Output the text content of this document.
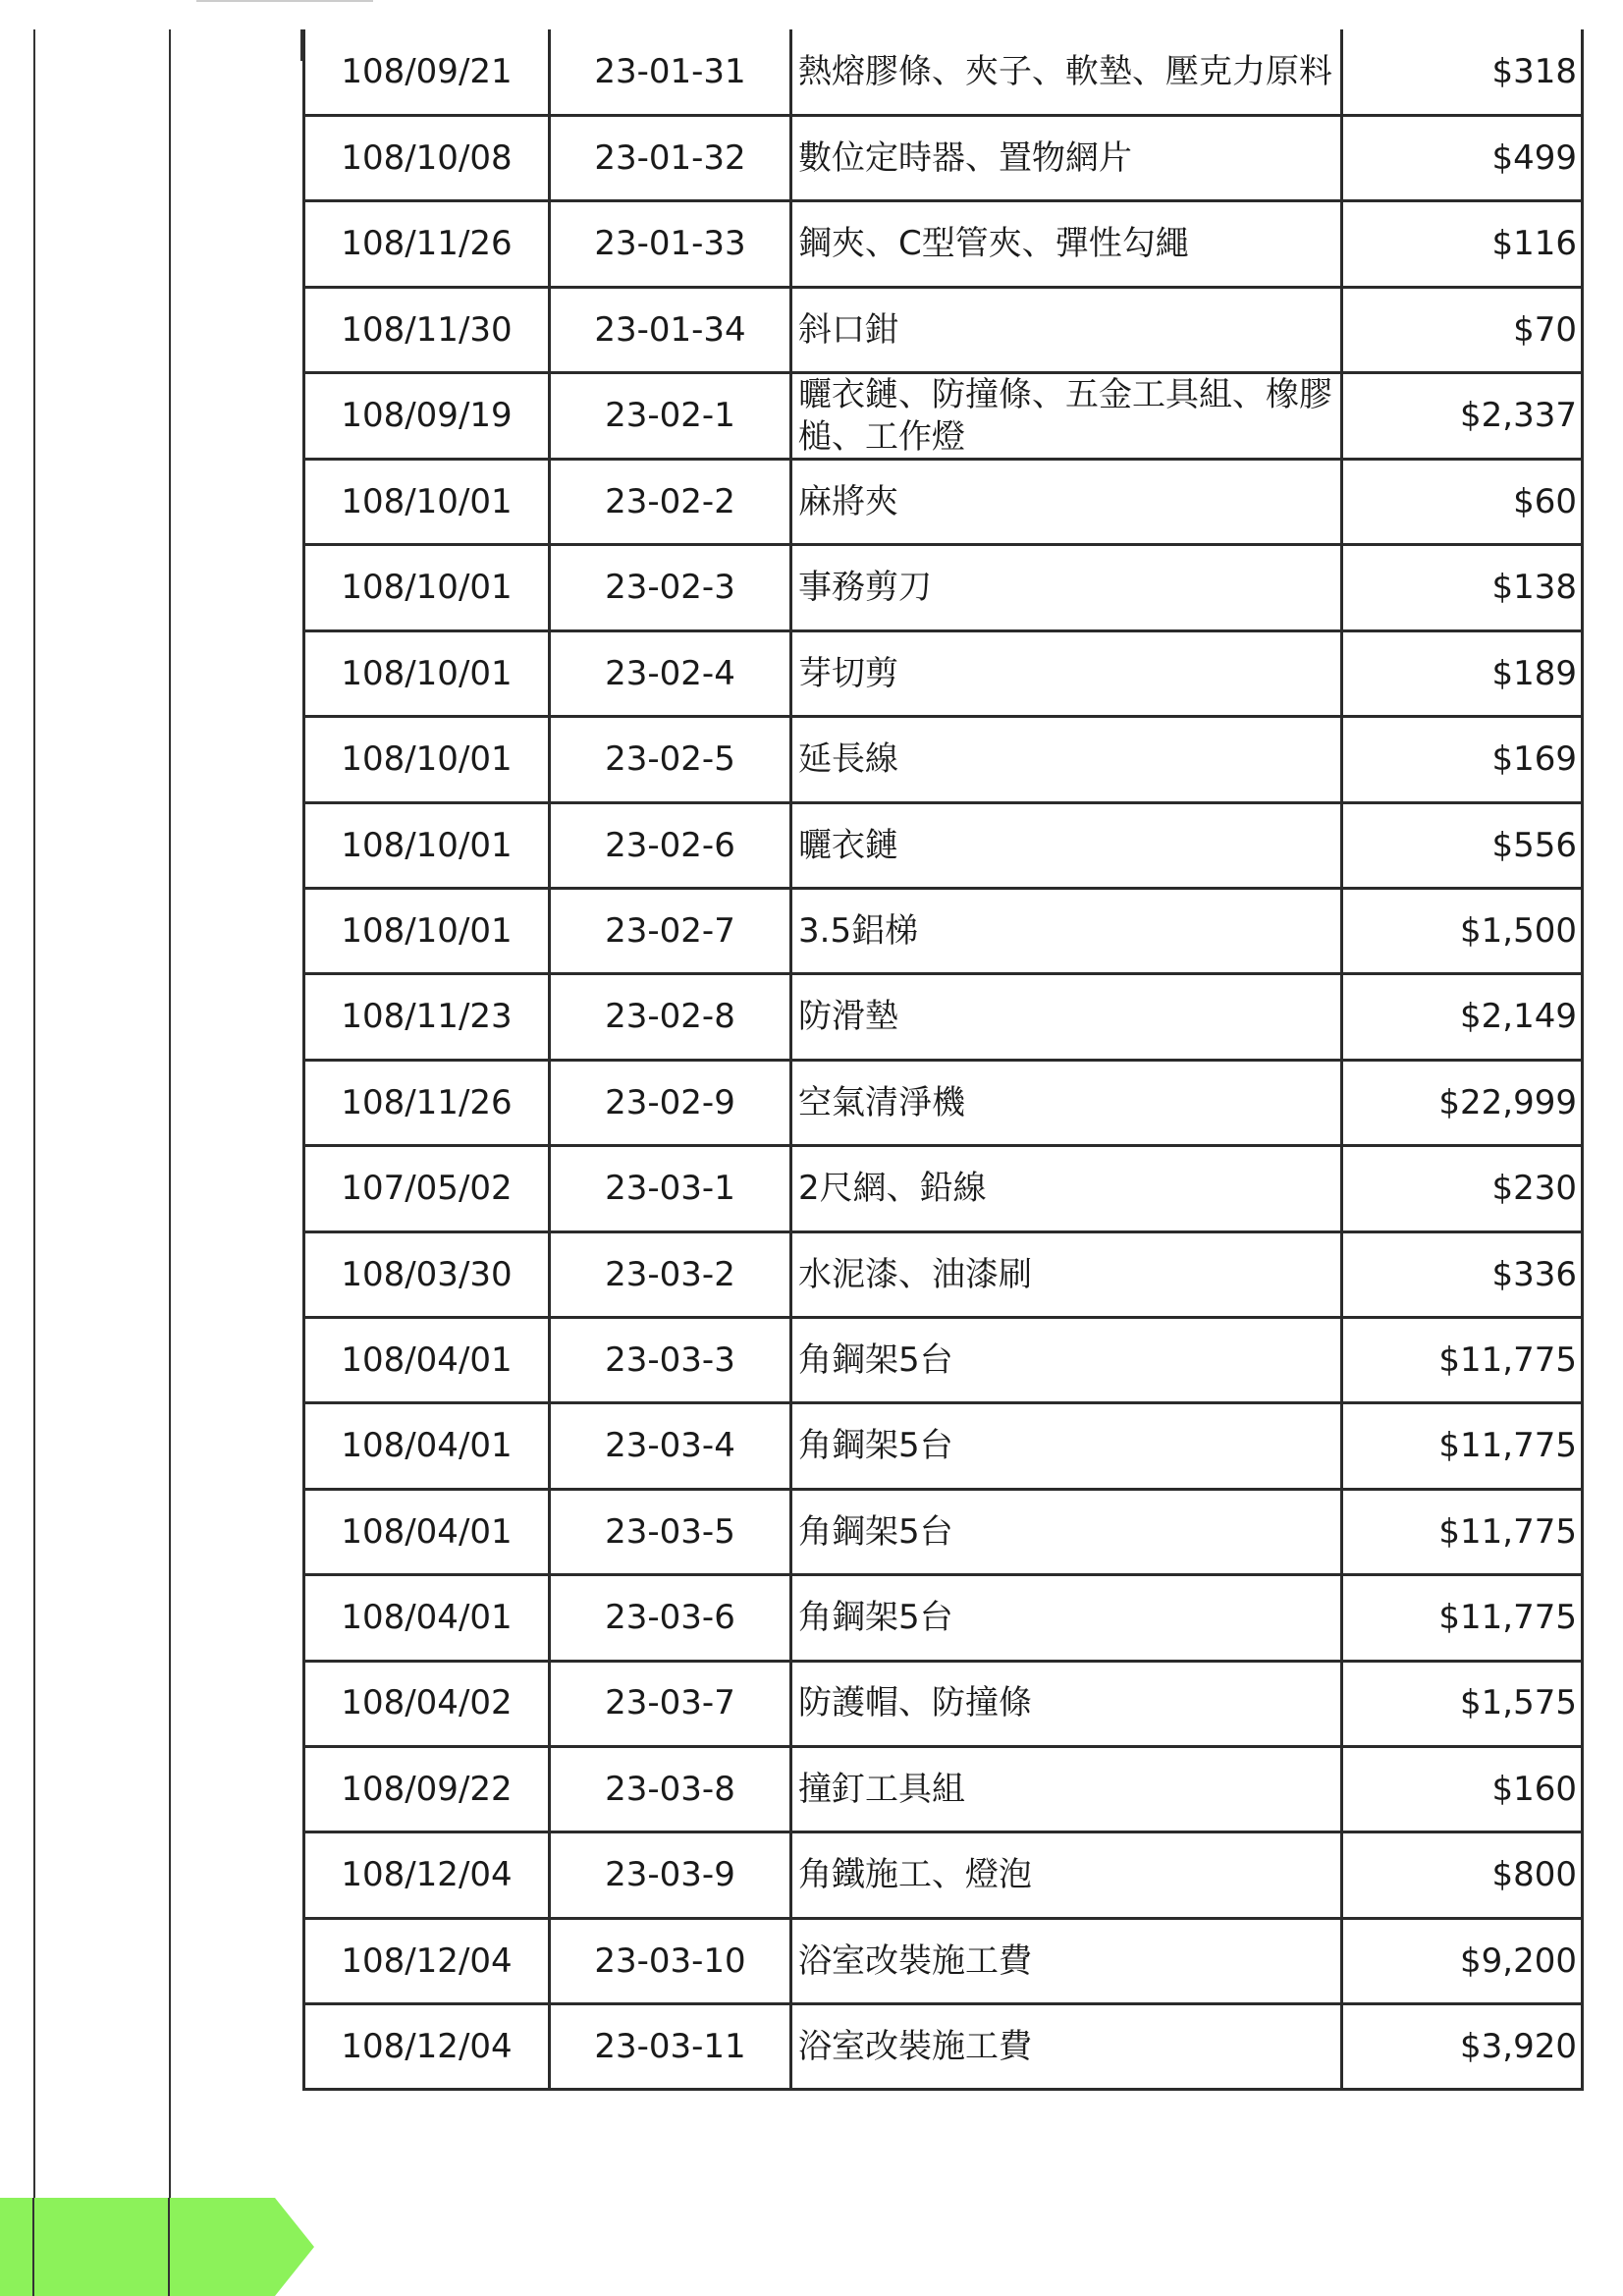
108/09/21	23-01-31	熱熔膠條、夾子、軟墊、壓克力原料	$318
108/10/08	23-01-32	數位定時器、置物網片	$499
108/11/26	23-01-33	鋼夾、C型管夾、彈性勾繩	$116
108/11/30	23-01-34	斜口鉗	$70
108/09/19	23-02-1	曬衣鏈、防撞條、五金工具組、橡膠槌、工作燈	$2,337
108/10/01	23-02-2	麻將夾	$60
108/10/01	23-02-3	事務剪刀	$138
108/10/01	23-02-4	芽切剪	$189
108/10/01	23-02-5	延長線	$169
108/10/01	23-02-6	曬衣鏈	$556
108/10/01	23-02-7	3.5鋁梯	$1,500
108/11/23	23-02-8	防滑墊	$2,149
108/11/26	23-02-9	空氣清淨機	$22,999
107/05/02	23-03-1	2尺網、鉛線	$230
108/03/30	23-03-2	水泥漆、油漆刷	$336
108/04/01	23-03-3	角鋼架5台	$11,775
108/04/01	23-03-4	角鋼架5台	$11,775
108/04/01	23-03-5	角鋼架5台	$11,775
108/04/01	23-03-6	角鋼架5台	$11,775
108/04/02	23-03-7	防護帽、防撞條	$1,575
108/09/22	23-03-8	撞釘工具組	$160
108/12/04	23-03-9	角鐵施工、燈泡	$800
108/12/04	23-03-10	浴室改裝施工費	$9,200
108/12/04	23-03-11	浴室改裝施工費	$3,920
